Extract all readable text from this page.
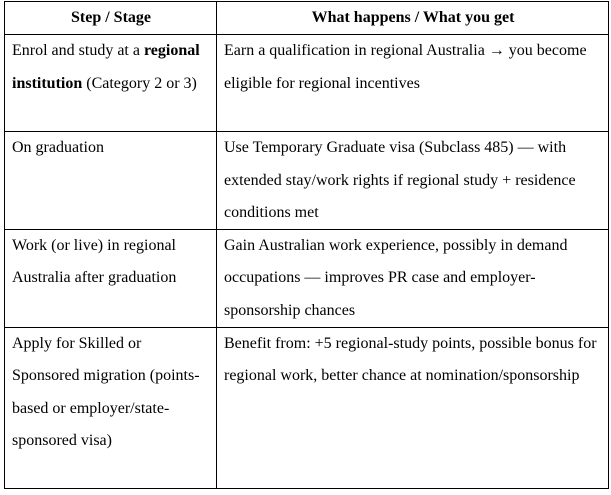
Step / Stage	What happens / What you get
Enrol and study at a regional institution (Category 2 or 3)	Earn a qualification in regional Australia → you become eligible for regional incentives
On graduation	Use Temporary Graduate visa (Subclass 485) — with extended stay/work rights if regional study + residence conditions met
Work (or live) in regional Australia after graduation	Gain Australian work experience, possibly in demand occupations — improves PR case and employer-sponsorship chances
Apply for Skilled or Sponsored migration (points-based or employer/state-sponsored visa)	Benefit from: +5 regional-study points, possible bonus for regional work, better chance at nomination/sponsorship
